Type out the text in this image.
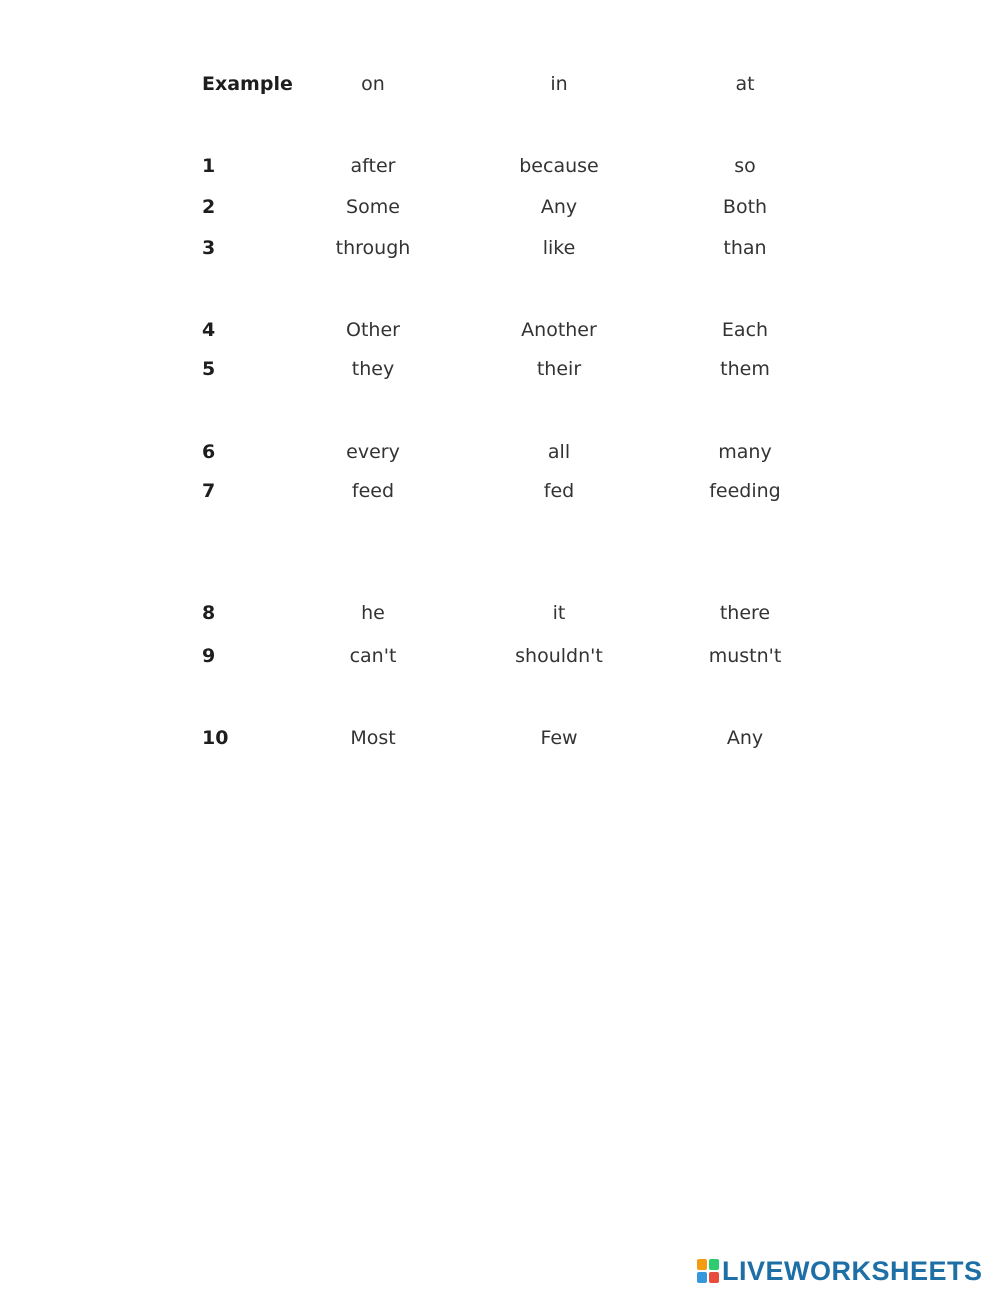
Example	on	in	at
1	after	because	so
2	Some	Any	Both
3	through	like	than
4	Other	Another	Each
5	they	their	them
6	every	all	many
7	feed	fed	feeding
8	he	it	there
9	can't	shouldn't	mustn't
10	Most	Few	Any
LIVEWORKSHEETS
